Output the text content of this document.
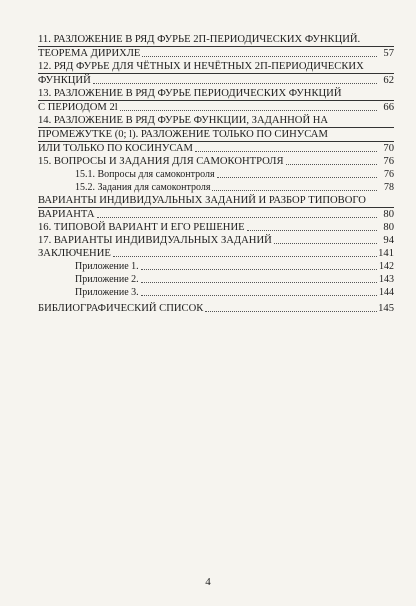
11. РАЗЛОЖЕНИЕ В РЯД ФУРЬЕ 2П-ПЕРИОДИЧЕСКИХ ФУНКЦИЙ.
ТЕОРЕМА ДИРИХЛЕ	57
12. РЯД ФУРЬЕ ДЛЯ ЧЁТНЫХ И НЕЧЁТНЫХ 2П-ПЕРИОДИЧЕСКИХ
ФУНКЦИЙ	62
13. РАЗЛОЖЕНИЕ В РЯД ФУРЬЕ ПЕРИОДИЧЕСКИХ ФУНКЦИЙ
С ПЕРИОДОМ 2l	66
14. РАЗЛОЖЕНИЕ В РЯД ФУРЬЕ ФУНКЦИИ, ЗАДАННОЙ НА
ПРОМЕЖУТКЕ (0; l). РАЗЛОЖЕНИЕ ТОЛЬКО ПО СИНУСАМ
ИЛИ ТОЛЬКО ПО КОСИНУСАМ	70
15. ВОПРОСЫ И ЗАДАНИЯ ДЛЯ САМОКОНТРОЛЯ	76
15.1. Вопросы для самоконтроля	76
15.2. Задания для самоконтроля	78
ВАРИАНТЫ ИНДИВИДУАЛЬНЫХ ЗАДАНИЙ И РАЗБОР ТИПОВОГО
ВАРИАНТА	80
16. ТИПОВОЙ ВАРИАНТ И ЕГО РЕШЕНИЕ	80
17. ВАРИАНТЫ ИНДИВИДУАЛЬНЫХ ЗАДАНИЙ	94
ЗАКЛЮЧЕНИЕ	141
Приложение 1.	142
Приложение 2.	143
Приложение 3.	144
БИБЛИОГРАФИЧЕСКИЙ СПИСОК	145
4
